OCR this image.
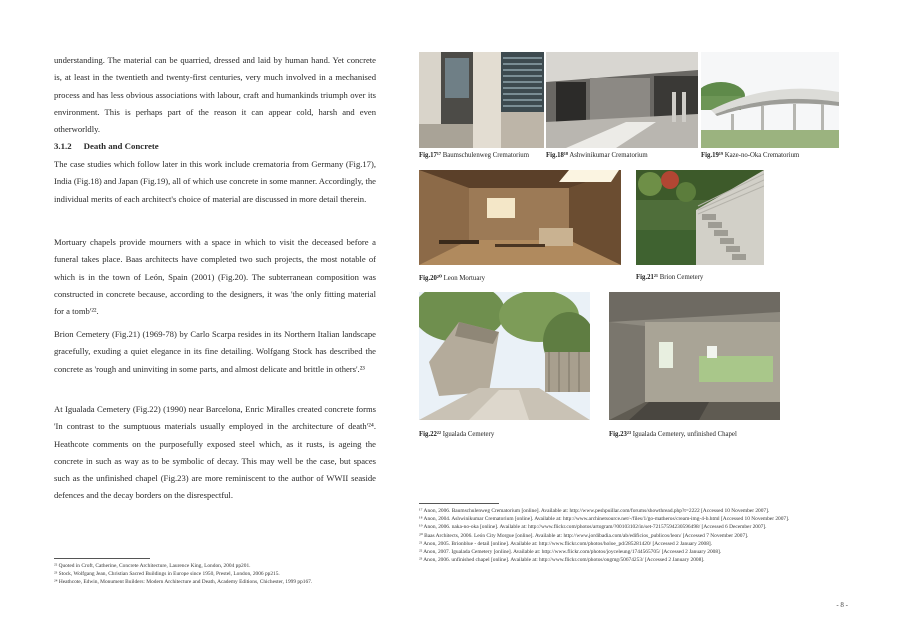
understanding. The material can be quarried, dressed and laid by human hand. Yet concrete is, at least in the twentieth and twenty-first centuries, very much involved in a mechanised process and has less obvious associations with labour, craft and humankinds triumph over its environment. This is perhaps part of the reason it can appear cold, harsh and even otherworldly.

3.1.2 Death and Concrete

The case studies which follow later in this work include crematoria from Germany (Fig.17), India (Fig.18) and Japan (Fig.19), all of which use concrete in some manner. Accordingly, the individual merits of each architect's choice of material are discussed in more detail therein.

Mortuary chapels provide mourners with a space in which to visit the deceased before a funeral takes place. Baas architects have completed two such projects, the most notable of which is in the town of León, Spain (2001) (Fig.20). The subterranean composition was constructed in concrete because, according to the designers, it was 'the only fitting material for a tomb'²².

Brion Cemetery (Fig.21) (1969-78) by Carlo Scarpa resides in its Northern Italian landscape gracefully, exuding a quiet elegance in its fine detailing. Wolfgang Stock has described the concrete as 'rough and uninviting in some parts, and almost delicate and brittle in others'.²³

At Igualada Cemetery (Fig.22) (1990) near Barcelona, Enric Miralles created concrete forms 'In contrast to the sumptuous materials usually employed in the architecture of death'²⁴. Heathcote comments on the purposefully exposed steel which, as it rusts, is ageing the concrete in such as way as to be symbolic of decay. This may well be the case, but spaces such as the unfinished chapel (Fig.23) are more reminiscent to the author of WWII seaside defences and the decay borders on the disrespectful.

²² Quoted in Croft, Catherine, Concrete Architecture, Laurence King, London, 2004 pp201.

²³ Stock, Wolfgang Jean, Christian Sacred Buildings in Europe since 1950, Prestel, London, 2006 pp215.

²⁴ Heathcote, Edwin, Monument Builders: Modern Architecture and Death, Academy Editions, Chichester, 1999 pp167.

¹⁷ Anon, 2006. Baumschulenweg Crematorium [online]. Available at: http://www.peshpuillar.com/forums/showthread.php?t=2222 [Accessed 10 November 2007].

¹⁸ Anon, 2004. Ashwinikumar Crematorium [online]. Available at: http://www.archinetsource.net/-/files/1/go-matheros/cream-img-4-b.html [Accessed 10 November 2007].

¹⁹ Anon, 2006. naka-no-oka [online]. Available at: http://www.flickr.com/photos/artogram/?00103102/in/set-72157594230596498/ [Accessed 6 December 2007].

²⁰ Baas Architects, 2006. León City Morgue [online]. Available at: http://www.jordibadia.com/ab/edificios_publicos/leon/ [Accessed 7 November 2007].

²¹ Anon, 2005. Brionblue - detail [online]. Available at: http://www.flickr.com/photos/holoe_pd/285281420/ [Accessed 2 January 2008].

²² Anon, 2007. Igualada Cemetery [online]. Available at: http://www.flickr.com/photos/joyceleung/1744565705/ [Accessed 2 January 2008].

²³ Anon, 2006. unfinished chapel [online]. Available at: http://www.flickr.com/photos/ongmg/50674253/ [Accessed 2 January 2008].

Fig.17¹⁷ Baumschulenweg Crematorium	Fig.18¹⁸ Ashwinikumar Crematorium	Fig.19¹⁹ Kaze-no-Oka Crematorium
Fig.20²⁰ Leon Mortuary	Fig.21²¹ Brion Cemetery
Fig.22²² Igualada Cemetery	Fig.23²³ Igualada Cemetery, unfinished Chapel
- 8 -
